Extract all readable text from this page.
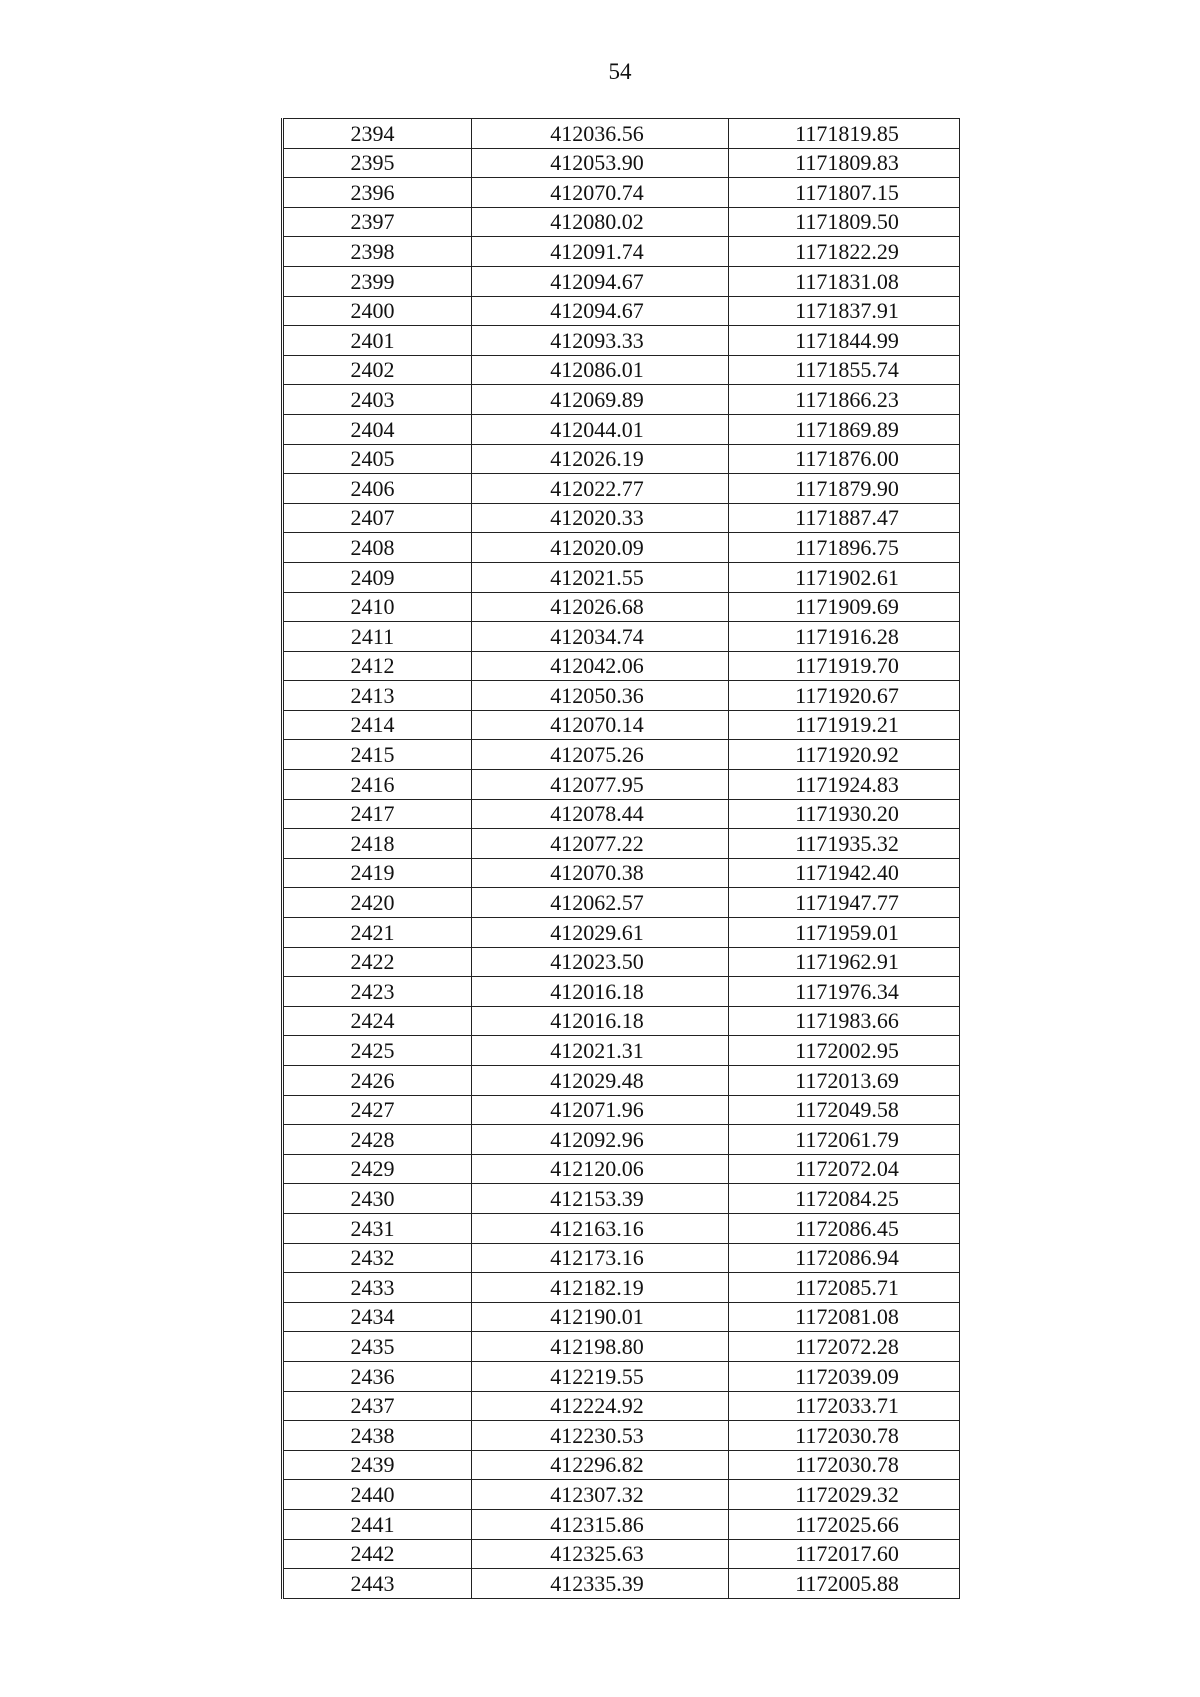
54
2394	412036.56	1171819.85
2395	412053.90	1171809.83
2396	412070.74	1171807.15
2397	412080.02	1171809.50
2398	412091.74	1171822.29
2399	412094.67	1171831.08
2400	412094.67	1171837.91
2401	412093.33	1171844.99
2402	412086.01	1171855.74
2403	412069.89	1171866.23
2404	412044.01	1171869.89
2405	412026.19	1171876.00
2406	412022.77	1171879.90
2407	412020.33	1171887.47
2408	412020.09	1171896.75
2409	412021.55	1171902.61
2410	412026.68	1171909.69
2411	412034.74	1171916.28
2412	412042.06	1171919.70
2413	412050.36	1171920.67
2414	412070.14	1171919.21
2415	412075.26	1171920.92
2416	412077.95	1171924.83
2417	412078.44	1171930.20
2418	412077.22	1171935.32
2419	412070.38	1171942.40
2420	412062.57	1171947.77
2421	412029.61	1171959.01
2422	412023.50	1171962.91
2423	412016.18	1171976.34
2424	412016.18	1171983.66
2425	412021.31	1172002.95
2426	412029.48	1172013.69
2427	412071.96	1172049.58
2428	412092.96	1172061.79
2429	412120.06	1172072.04
2430	412153.39	1172084.25
2431	412163.16	1172086.45
2432	412173.16	1172086.94
2433	412182.19	1172085.71
2434	412190.01	1172081.08
2435	412198.80	1172072.28
2436	412219.55	1172039.09
2437	412224.92	1172033.71
2438	412230.53	1172030.78
2439	412296.82	1172030.78
2440	412307.32	1172029.32
2441	412315.86	1172025.66
2442	412325.63	1172017.60
2443	412335.39	1172005.88
